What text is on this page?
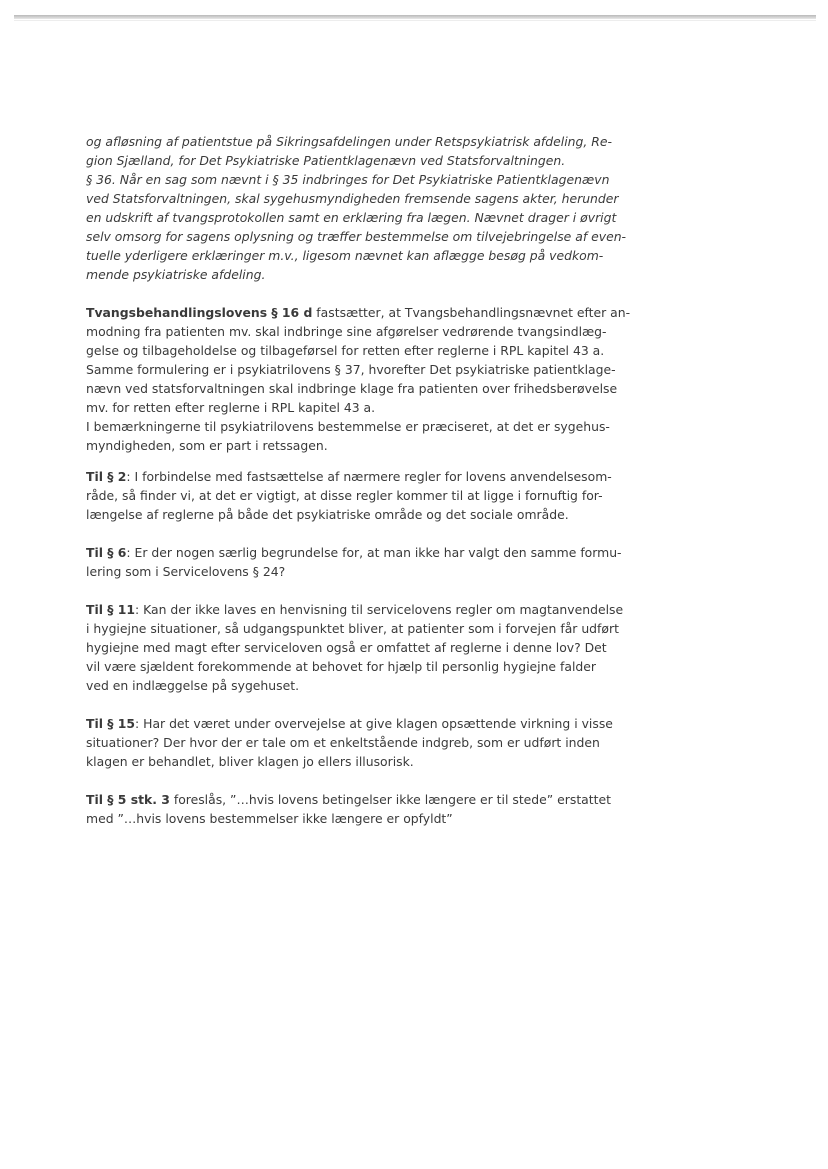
og afløsning af patientstue på Sikringsafdelingen under Retspsykiatrisk afdeling, Re-
gion Sjælland, for Det Psykiatriske Patientklagenævn ved Statsforvaltningen.
§ 36. Når en sag som nævnt i § 35 indbringes for Det Psykiatriske Patientklagenævn
ved Statsforvaltningen, skal sygehusmyndigheden fremsende sagens akter, herunder
en udskrift af tvangsprotokollen samt en erklæring fra lægen. Nævnet drager i øvrigt
selv omsorg for sagens oplysning og træffer bestemmelse om tilvejebringelse af even-
tuelle yderligere erklæringer m.v., ligesom nævnet kan aflægge besøg på vedkom-
mende psykiatriske afdeling.

Tvangsbehandlingslovens § 16 d fastsætter, at Tvangsbehandlingsnævnet efter an-
modning fra patienten mv. skal indbringe sine afgørelser vedrørende tvangsindlæg-
gelse og tilbageholdelse og tilbageførsel for retten efter reglerne i RPL kapitel 43 a.
Samme formulering er i psykiatrilovens § 37, hvorefter Det psykiatriske patientklage-
nævn ved statsforvaltningen skal indbringe klage fra patienten over frihedsberøvelse
mv. for retten efter reglerne i RPL kapitel 43 a.
I bemærkningerne til psykiatrilovens bestemmelse er præciseret, at det er sygehus-
myndigheden, som er part i retssagen.

Til § 2: I forbindelse med fastsættelse af nærmere regler for lovens anvendelsesom-
råde, så finder vi, at det er vigtigt, at disse regler kommer til at ligge i fornuftig for-
længelse af reglerne på både det psykiatriske område og det sociale område.

Til § 6: Er der nogen særlig begrundelse for, at man ikke har valgt den samme formu-
lering som i Servicelovens § 24?

Til § 11: Kan der ikke laves en henvisning til servicelovens regler om magtanvendelse
i hygiejne situationer, så udgangspunktet bliver, at patienter som i forvejen får udført
hygiejne med magt efter serviceloven også er omfattet af reglerne i denne lov? Det
vil være sjældent forekommende at behovet for hjælp til personlig hygiejne falder
ved en indlæggelse på sygehuset.

Til § 15: Har det været under overvejelse at give klagen opsættende virkning i visse
situationer? Der hvor der er tale om et enkeltstående indgreb, som er udført inden
klagen er behandlet, bliver klagen jo ellers illusorisk.

Til § 5 stk. 3 foreslås, ”…hvis lovens betingelser ikke længere er til stede” erstattet
med ”…hvis lovens bestemmelser ikke længere er opfyldt”
